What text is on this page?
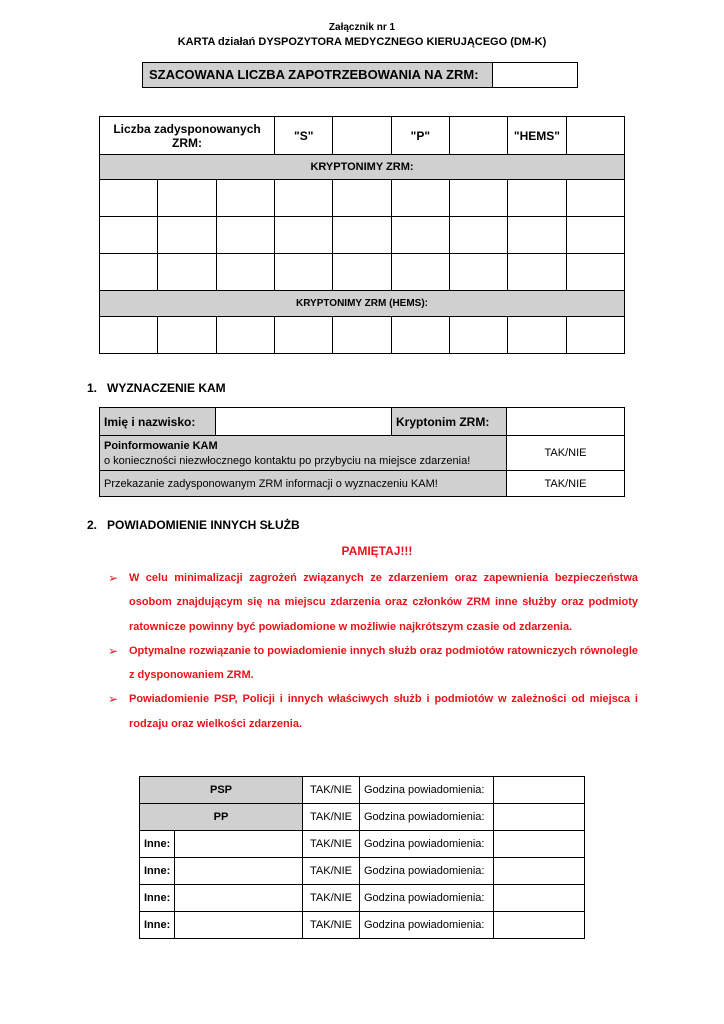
Załącznik nr 1
KARTA działań DYSPOZYTORA MEDYCZNEGO KIERUJĄCEGO (DM-K)
SZACOWANA LICZBA ZAPOTRZEBOWANIA NA ZRM:
Liczba zadysponowanych ZRM:			"S"		"P"		"HEMS"	
KRYPTONIMY ZRM:								

KRYPTONIMY ZRM (HEMS):								

1. WYZNACZENIE KAM
Imię i nazwisko:		Kryptonim ZRM:	

Poinformowanie KAM
o konieczności niezwłocznego kontaktu po przybyciu na miejsce zdarzenia!			TAK/NIE
Przekazanie zadysponowanym ZRM informacji o wyznaczeniu KAM!			TAK/NIE
2. POWIADOMIENIE INNYCH SŁUŻB
PAMIĘTAJ!!!
➢ W celu minimalizacji zagrożeń związanych ze zdarzeniem oraz zapewnienia bezpieczeństwa osobom znajdującym się na miejscu zdarzenia oraz członków ZRM inne służby oraz podmioty ratownicze powinny być powiadomione w możliwie najkrótszym czasie od zdarzenia.
➢ Optymalne rozwiązanie to powiadomienie innych służb oraz podmiotów ratowniczych równolegle z dysponowaniem ZRM.
➢ Powiadomienie PSP, Policji i innych właściwych służb i podmiotów w zależności od miejsca i rodzaju oraz wielkości zdarzenia.
PSP		TAK/NIE	Godzina powiadomienia:	
PP		TAK/NIE	Godzina powiadomienia:	
Inne:		TAK/NIE	Godzina powiadomienia:	
Inne:		TAK/NIE	Godzina powiadomienia:	
Inne:		TAK/NIE	Godzina powiadomienia:	
Inne:		TAK/NIE	Godzina powiadomienia:	
